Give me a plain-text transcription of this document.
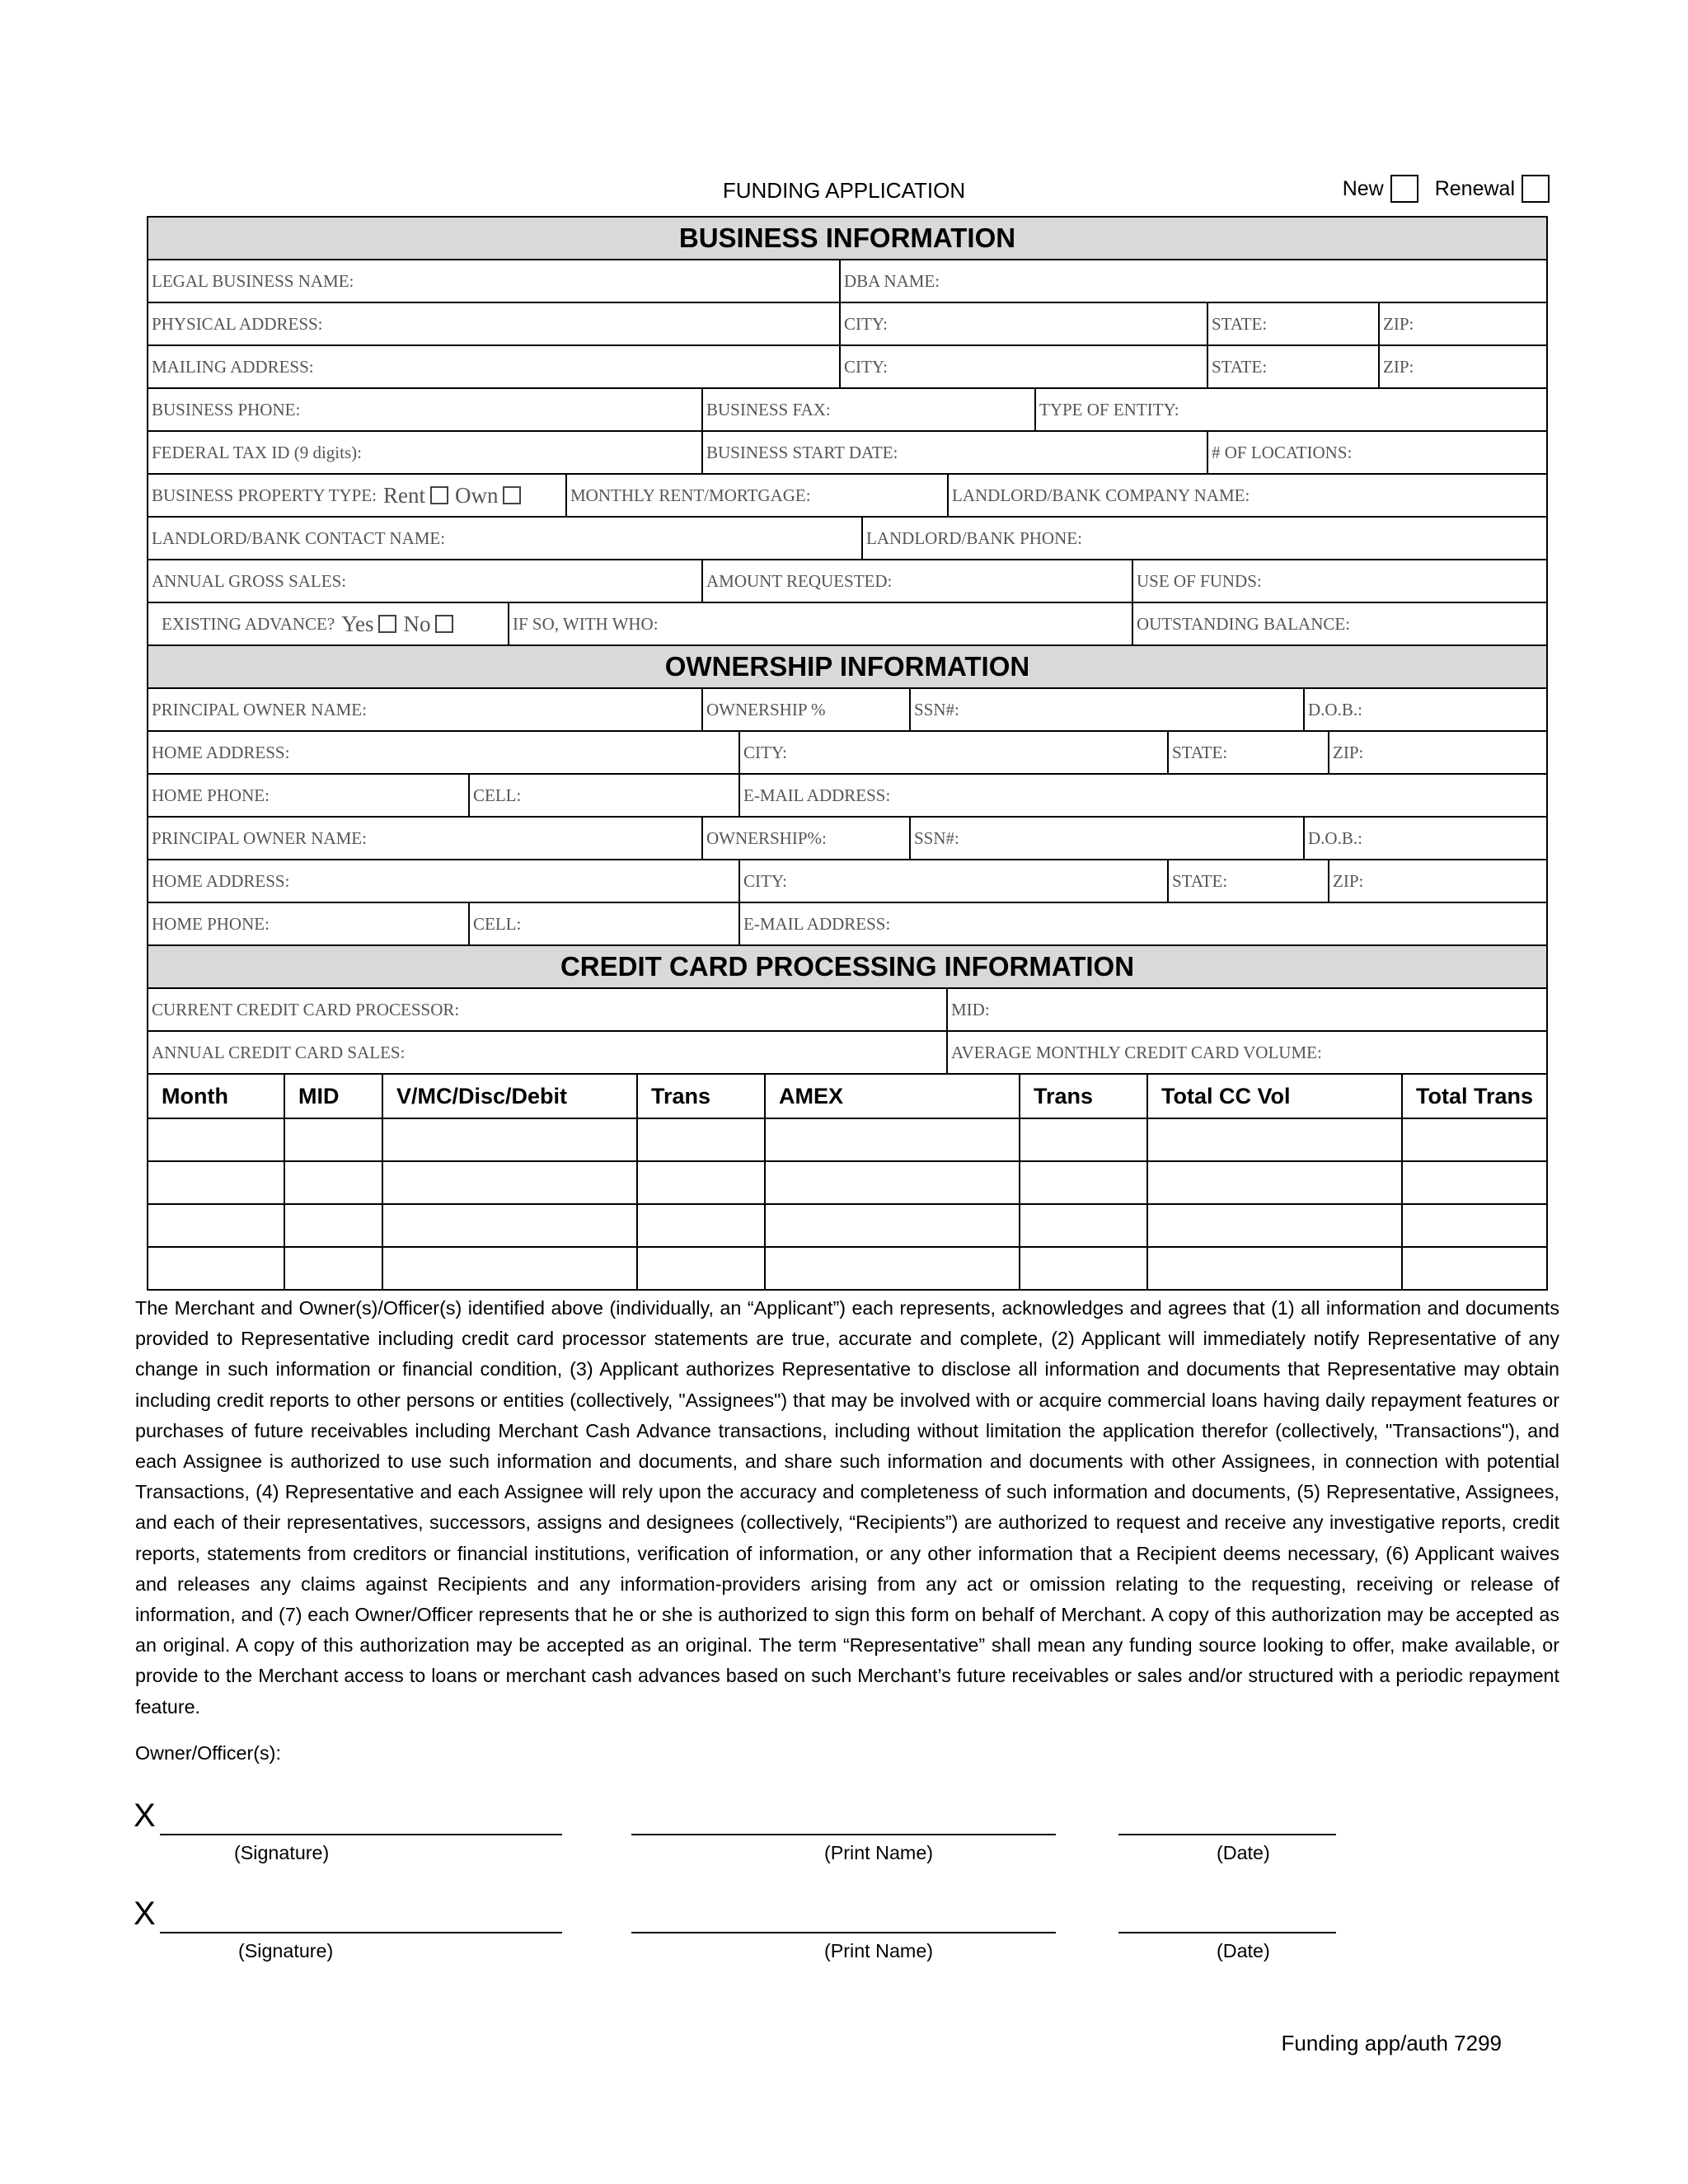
FUNDING APPLICATION	New Renewal
BUSINESS INFORMATION
LEGAL BUSINESS NAME:	DBA NAME:
PHYSICAL ADDRESS:	CITY:	STATE:	ZIP:
MAILING ADDRESS:	CITY:	STATE:	ZIP:
BUSINESS PHONE:	BUSINESS FAX:	TYPE OF ENTITY:
FEDERAL TAX ID (9 digits):	BUSINESS START DATE:	# OF LOCATIONS:
BUSINESS PROPERTY TYPE: Rent Own	MONTHLY RENT/MORTGAGE:	LANDLORD/BANK COMPANY NAME:
LANDLORD/BANK CONTACT NAME:	LANDLORD/BANK PHONE:
ANNUAL GROSS SALES:	AMOUNT REQUESTED:	USE OF FUNDS:
EXISTING ADVANCE? Yes No	IF SO, WITH WHO:	OUTSTANDING BALANCE:
OWNERSHIP INFORMATION
PRINCIPAL OWNER NAME:	OWNERSHIP %	SSN#:	D.O.B.:
HOME ADDRESS:	CITY:	STATE:	ZIP:
HOME PHONE:	CELL:	E-MAIL ADDRESS:
PRINCIPAL OWNER NAME:	OWNERSHIP%:	SSN#:	D.O.B.:
HOME ADDRESS:	CITY:	STATE:	ZIP:
HOME PHONE:	CELL:	E-MAIL ADDRESS:
CREDIT CARD PROCESSING INFORMATION
CURRENT CREDIT CARD PROCESSOR:	MID:
ANNUAL CREDIT CARD SALES:	AVERAGE MONTHLY CREDIT CARD VOLUME:
Month	MID	V/MC/Disc/Debit	Trans	AMEX	Trans	Total CC Vol	Total Trans
The Merchant and Owner(s)/Officer(s) identified above (individually, an “Applicant”) each represents, acknowledges and agrees that (1) all information and documents provided to Representative including credit card processor statements are true, accurate and complete, (2) Applicant will immediately notify Representative of any change in such information or financial condition, (3) Applicant authorizes Representative to disclose all information and documents that Representative may obtain including credit reports to other persons or entities (collectively, "Assignees") that may be involved with or acquire commercial loans having daily repayment features or purchases of future receivables including Merchant Cash Advance transactions, including without limitation the application therefor (collectively, "Transactions"), and each Assignee is authorized to use such information and documents, and share such information and documents with other Assignees, in connection with potential Transactions, (4) Representative and each Assignee will rely upon the accuracy and completeness of such information and documents, (5) Representative, Assignees, and each of their representatives, successors, assigns and designees (collectively, “Recipients”) are authorized to request and receive any investigative reports, credit reports, statements from creditors or financial institutions, verification of information, or any other information that a Recipient deems necessary, (6) Applicant waives and releases any claims against Recipients and any information-providers arising from any act or omission relating to the requesting, receiving or release of information, and (7) each Owner/Officer represents that he or she is authorized to sign this form on behalf of Merchant. A copy of this authorization may be accepted as an original. A copy of this authorization may be accepted as an original. The term “Representative” shall mean any funding source looking to offer, make available, or provide to the Merchant access to loans or merchant cash advances based on such Merchant’s future receivables or sales and/or structured with a periodic repayment feature.
Owner/Officer(s):
X
(Signature)	(Print Name)	(Date)
X
(Signature)	(Print Name)	(Date)
Funding app/auth 7299
